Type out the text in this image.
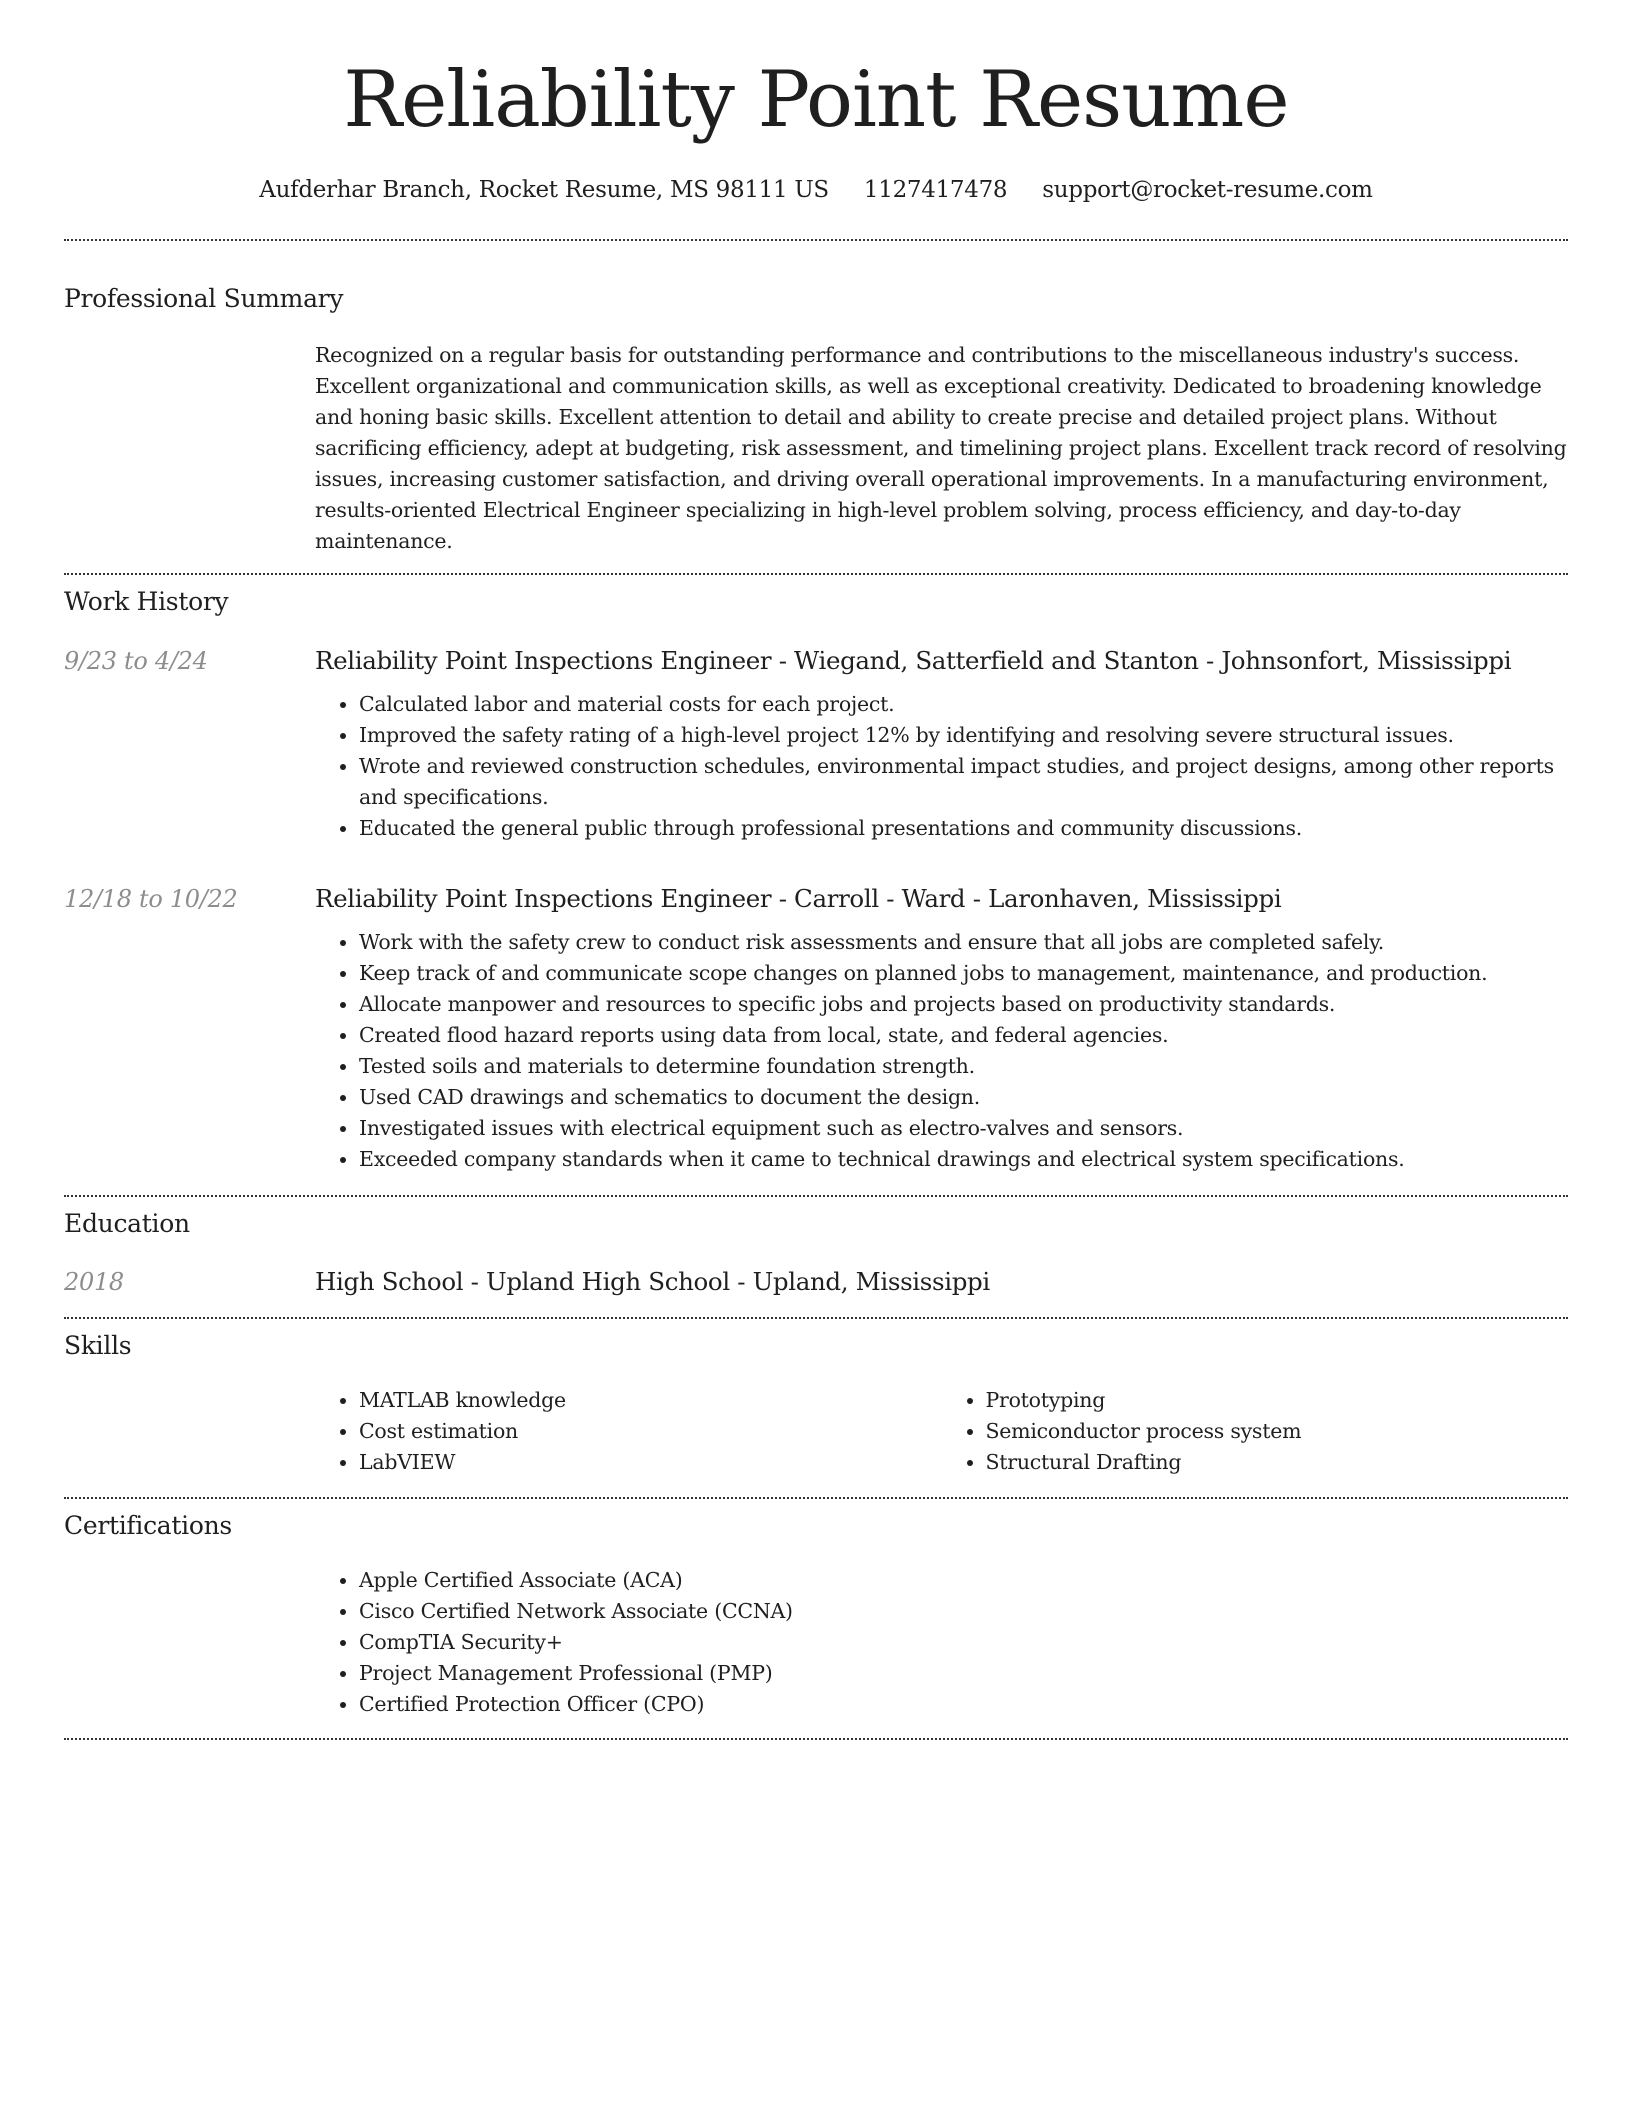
Reliability Point Resume
Aufderhar Branch, Rocket Resume, MS 98111 US 1127417478 support@rocket-resume.com
Professional Summary

Recognized on a regular basis for outstanding performance and contributions to the miscellaneous industry's success. Excellent organizational and communication skills, as well as exceptional creativity. Dedicated to broadening knowledge and honing basic skills. Excellent attention to detail and ability to create precise and detailed project plans. Without sacrificing efficiency, adept at budgeting, risk assessment, and timelining project plans. Excellent track record of resolving issues, increasing customer satisfaction, and driving overall operational improvements. In a manufacturing environment, results-oriented Electrical Engineer specializing in high-level problem solving, process efficiency, and day-to-day maintenance.

Work History
9/23 to 4/24	Reliability Point Inspections Engineer - Wiegand, Satterfield and Stanton - Johnsonfort, Mississippi
• Calculated labor and material costs for each project.
• Improved the safety rating of a high-level project 12% by identifying and resolving severe structural issues.
• Wrote and reviewed construction schedules, environmental impact studies, and project designs, among other reports and specifications.
• Educated the general public through professional presentations and community discussions.
12/18 to 10/22	Reliability Point Inspections Engineer - Carroll - Ward - Laronhaven, Mississippi
• Work with the safety crew to conduct risk assessments and ensure that all jobs are completed safely.
• Keep track of and communicate scope changes on planned jobs to management, maintenance, and production.
• Allocate manpower and resources to specific jobs and projects based on productivity standards.
• Created flood hazard reports using data from local, state, and federal agencies.
• Tested soils and materials to determine foundation strength.
• Used CAD drawings and schematics to document the design.
• Investigated issues with electrical equipment such as electro-valves and sensors.
• Exceeded company standards when it came to technical drawings and electrical system specifications.
Education
2018	High School - Upland High School - Upland, Mississippi
Skills
• MATLAB knowledge
• Cost estimation
• LabVIEW
• Prototyping
• Semiconductor process system
• Structural Drafting
Certifications
• Apple Certified Associate (ACA)
• Cisco Certified Network Associate (CCNA)
• CompTIA Security+
• Project Management Professional (PMP)
• Certified Protection Officer (CPO)
